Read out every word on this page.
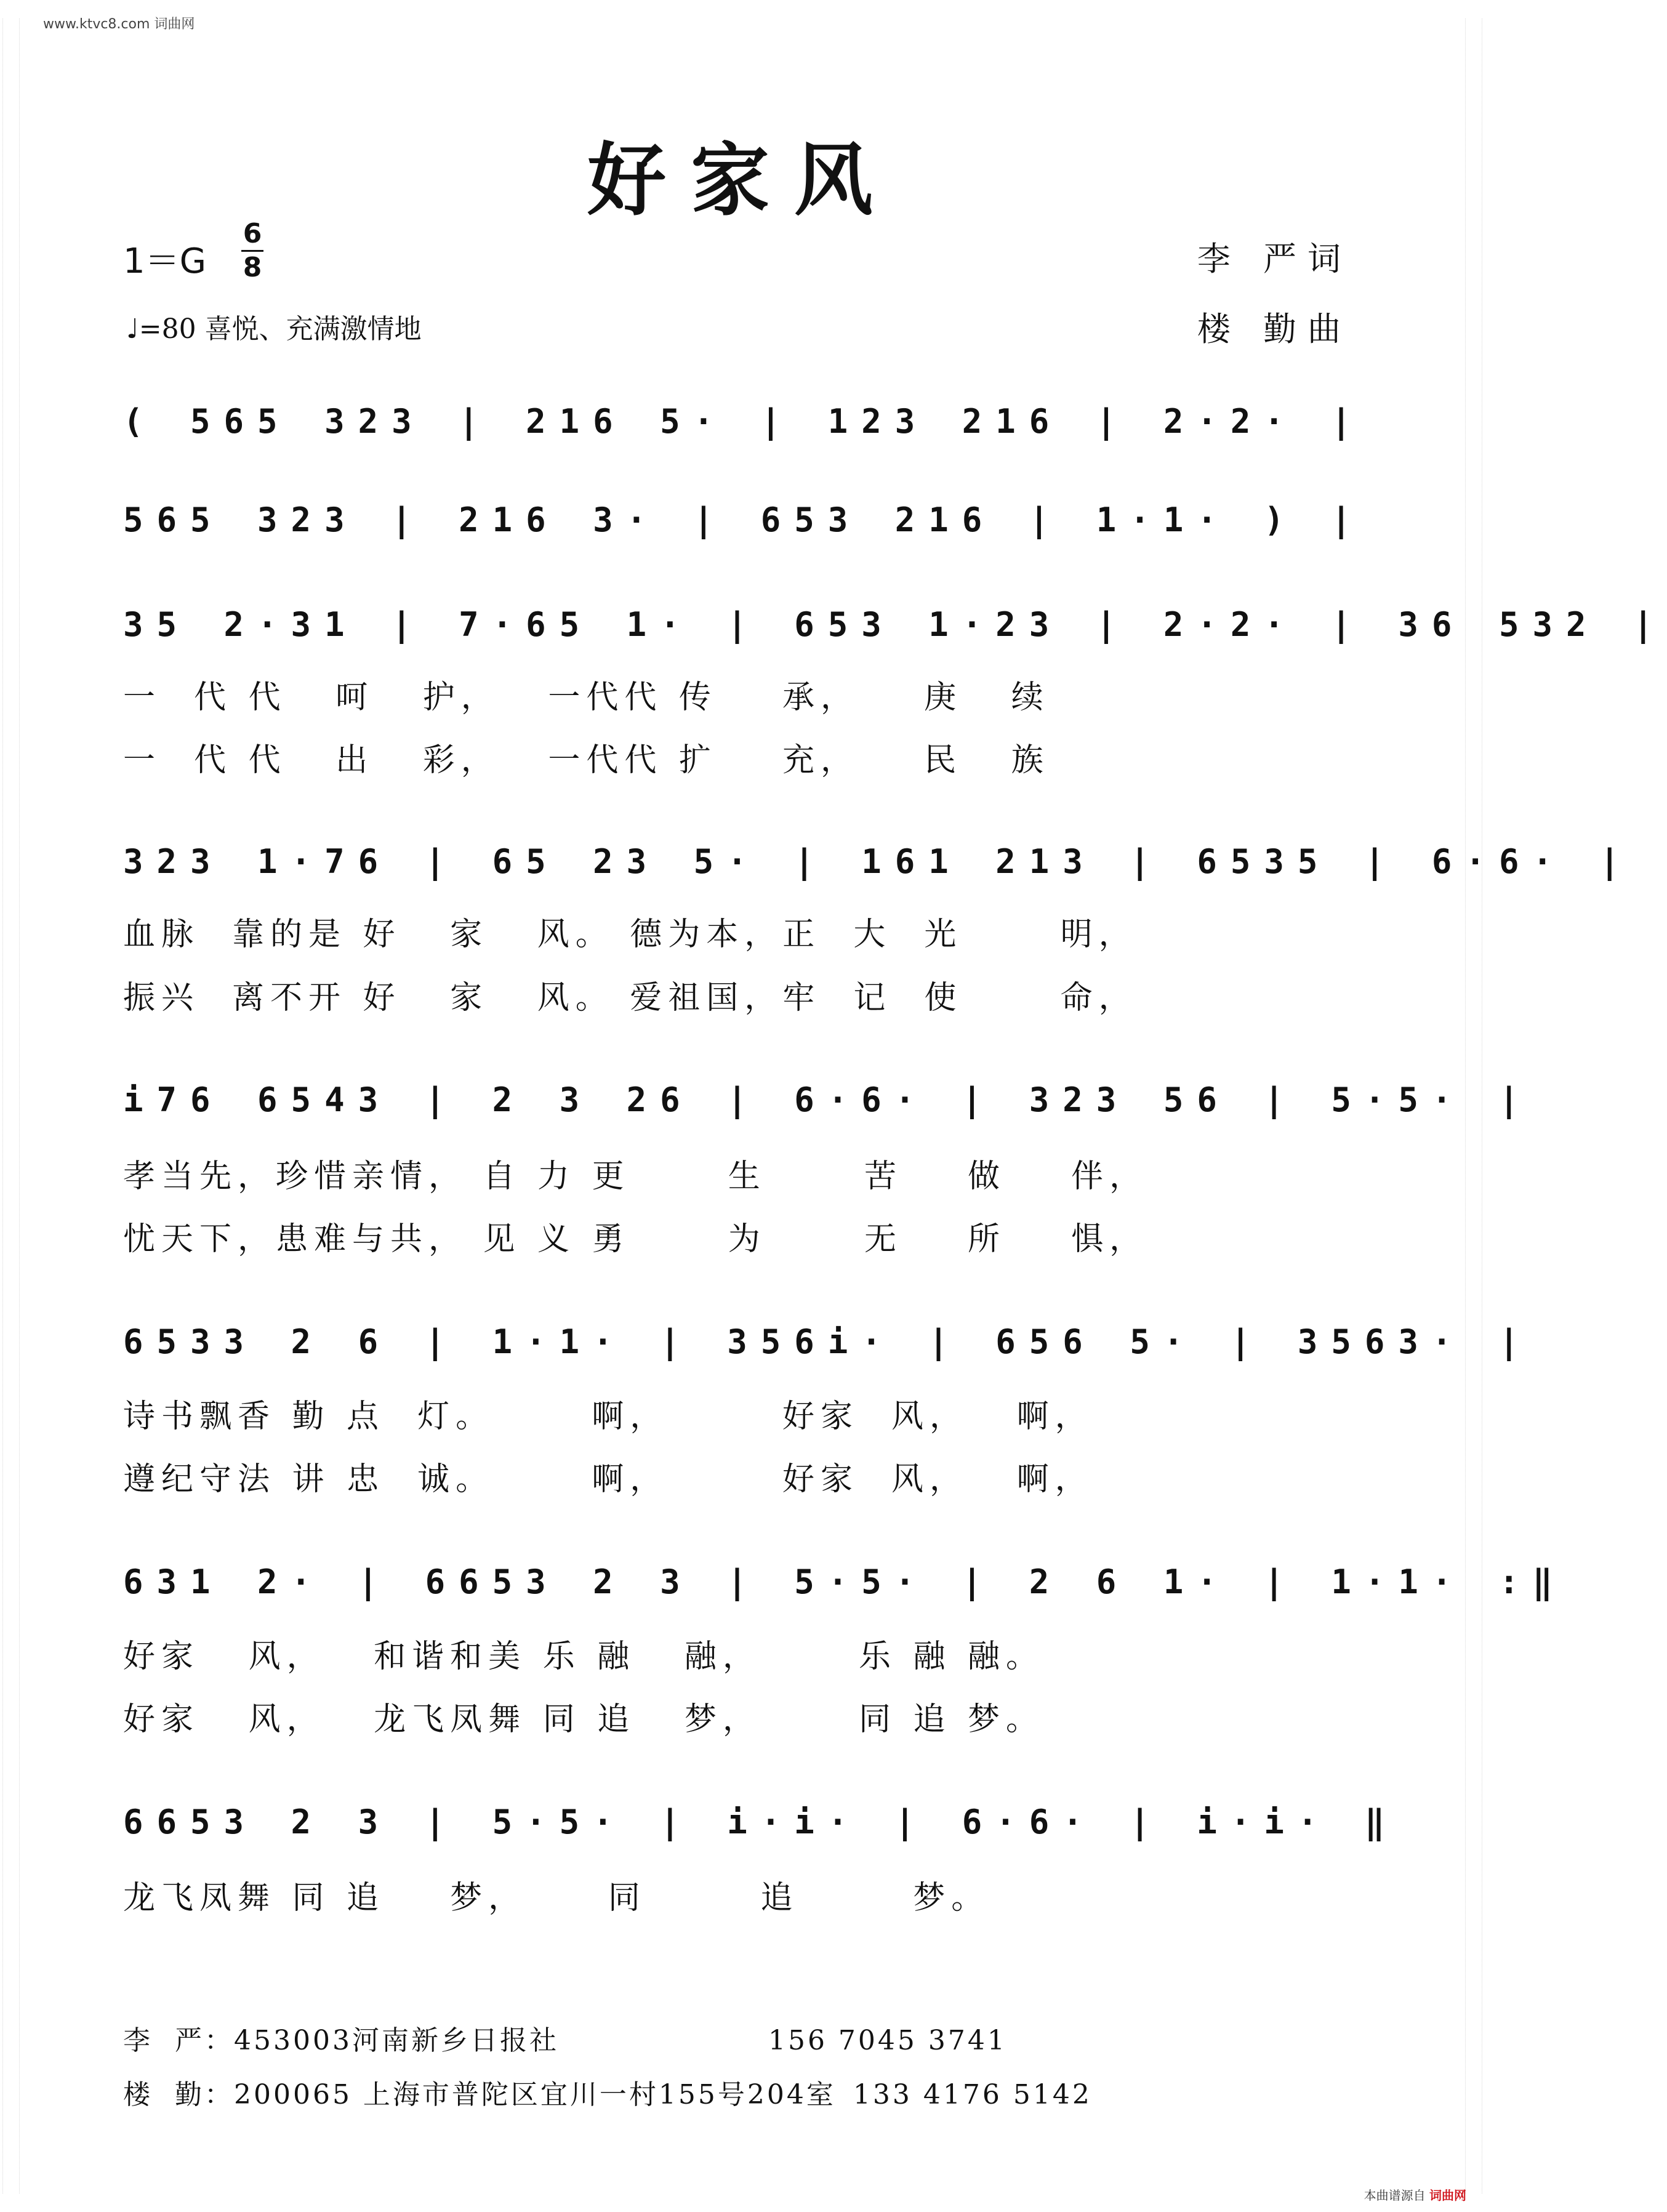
www.ktvc8.com 词曲网
好家风
1＝G
6
8
♩=80 喜悦、充满激情地
李 严词
楼 勤曲
( 565 323 | 216 5· | 123 216 | 2·2· |
565 323 | 216 3· | 653 216 | 1·1· ) |
35 2·31 | 7·65 1· | 653 1·23 | 2·2· | 36 532 |
一  代 代   呵   护，   一代代 传    承，    庚   续
一  代 代   出   彩，   一代代 扩    充，    民   族
323 1·76 | 65 23 5· | 161 213 | 6535 | 6·6· |
血脉  靠的是 好   家   风。 德为本，正  大  光      明，
振兴  离不开 好   家   风。 爱祖国，牢  记  使      命，
i76 6543 | 2 3 26 | 6·6· | 323 56 | 5·5· |
孝当先，珍惜亲情， 自 力 更      生      苦    做    伴，
忧天下，患难与共， 见 义 勇      为      无    所    惧，
6533 2 6 | 1·1· | 356i· | 656 5· | 3563· |
诗书飘香 勤 点  灯。      啊，       好家  风，   啊，
遵纪守法 讲 忠  诚。      啊，       好家  风，   啊，
631 2· | 6653 2 3 | 5·5· | 2 6 1· | 1·1· :‖
好家   风，   和谐和美 乐 融   融，      乐 融 融。
好家   风，   龙飞凤舞 同 追   梦，      同 追 梦。
6653 2 3 | 5·5· | i·i· | 6·6· | i·i· ‖
龙飞凤舞 同 追    梦，     同       追       梦。
李  严：453003河南新乡日报社	156 7045 3741
楼  勤：200065 上海市普陀区宜川一村155号204室 133 4176 5142
本曲谱源自 词曲网
